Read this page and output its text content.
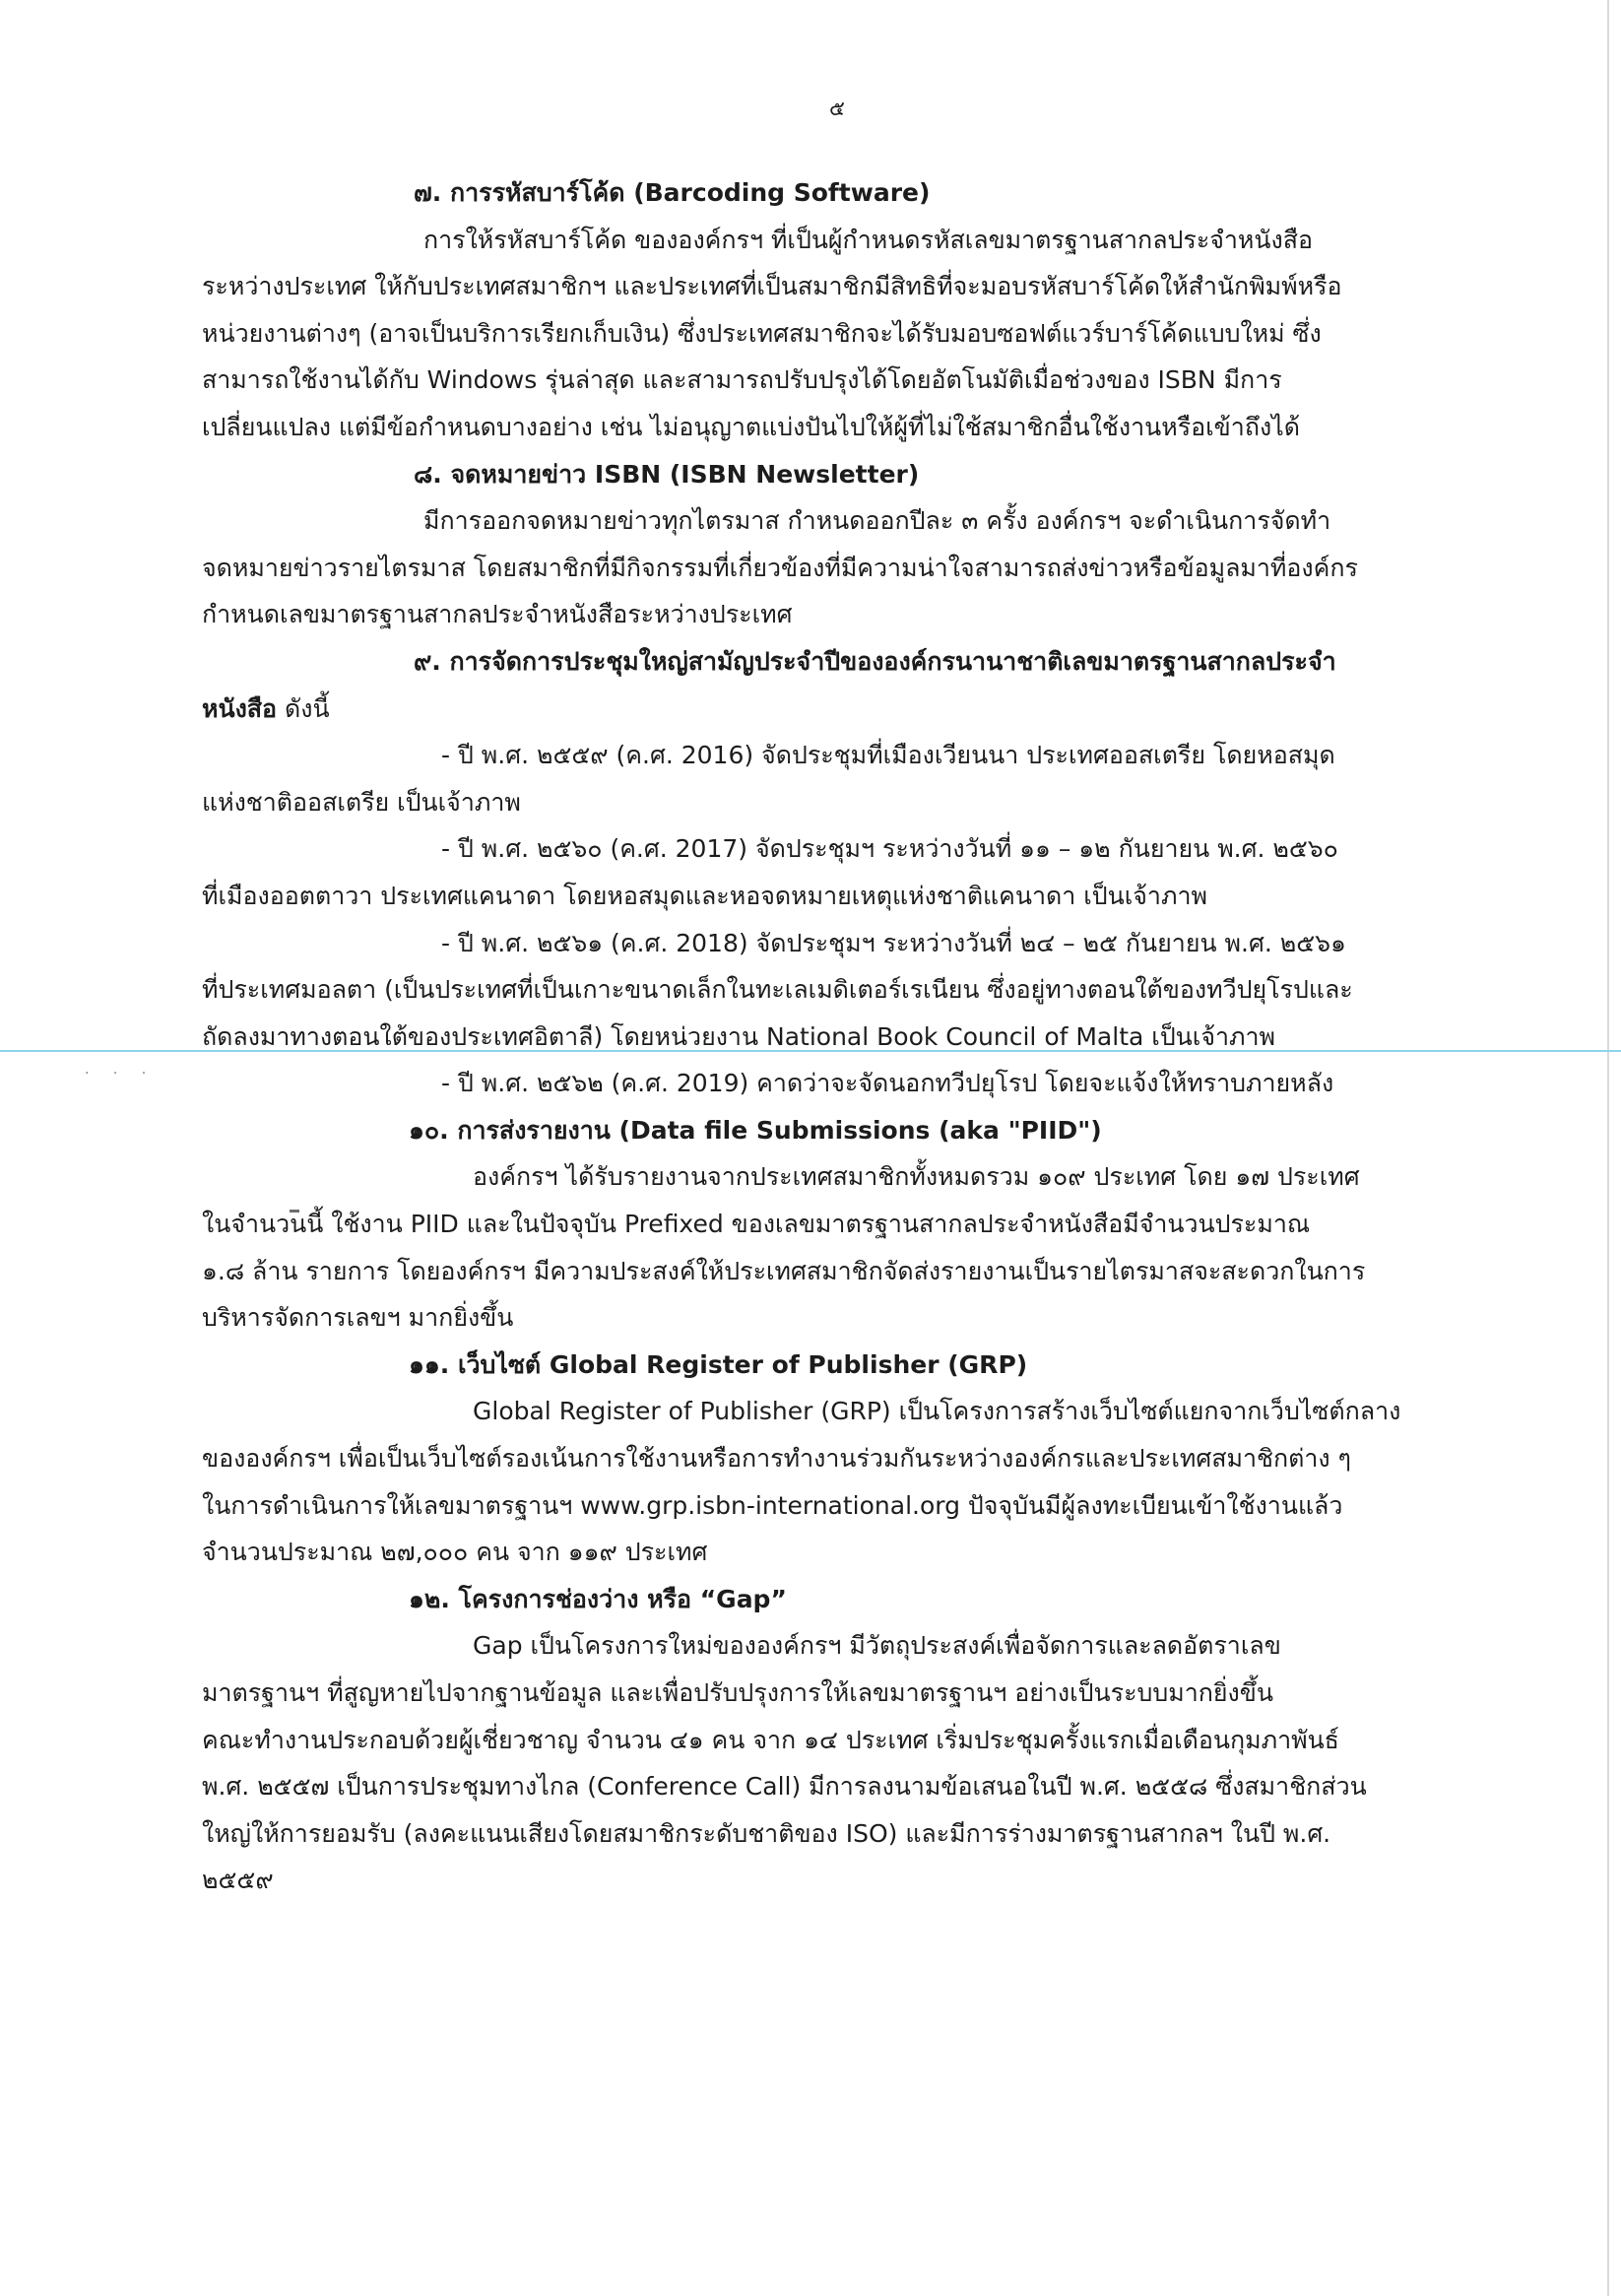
· · ·
๕
๗. การรหัสบาร์โค้ด (Barcoding Software)
การให้รหัสบาร์โค้ด ขององค์กรฯ ที่เป็นผู้กำหนดรหัสเลขมาตรฐานสากลประจำหนังสือ
ระหว่างประเทศ ให้กับประเทศสมาชิกฯ และประเทศที่เป็นสมาชิกมีสิทธิที่จะมอบรหัสบาร์โค้ดให้สำนักพิมพ์หรือ
หน่วยงานต่างๆ (อาจเป็นบริการเรียกเก็บเงิน) ซึ่งประเทศสมาชิกจะได้รับมอบซอฟต์แวร์บาร์โค้ดแบบใหม่ ซึ่ง
สามารถใช้งานได้กับ Windows รุ่นล่าสุด และสามารถปรับปรุงได้โดยอัตโนมัติเมื่อช่วงของ ISBN มีการ
เปลี่ยนแปลง แต่มีข้อกำหนดบางอย่าง เช่น ไม่อนุญาตแบ่งปันไปให้ผู้ที่ไม่ใช้สมาชิกอื่นใช้งานหรือเข้าถึงได้
๘. จดหมายข่าว ISBN (ISBN Newsletter)
มีการออกจดหมายข่าวทุกไตรมาส กำหนดออกปีละ ๓ ครั้ง องค์กรฯ จะดำเนินการจัดทำ
จดหมายข่าวรายไตรมาส โดยสมาชิกที่มีกิจกรรมที่เกี่ยวข้องที่มีความน่าใจสามารถส่งข่าวหรือข้อมูลมาที่องค์กร
กำหนดเลขมาตรฐานสากลประจำหนังสือระหว่างประเทศ
๙. การจัดการประชุมใหญ่สามัญประจำปีขององค์กรนานาชาติเลขมาตรฐานสากลประจำ
หนังสือ ดังนี้
- ปี พ.ศ. ๒๕๕๙ (ค.ศ. 2016) จัดประชุมที่เมืองเวียนนา ประเทศออสเตรีย โดยหอสมุด
แห่งชาติออสเตรีย เป็นเจ้าภาพ
- ปี พ.ศ. ๒๕๖๐ (ค.ศ. 2017) จัดประชุมฯ ระหว่างวันที่ ๑๑ – ๑๒ กันยายน พ.ศ. ๒๕๖๐
ที่เมืองออตตาวา ประเทศแคนาดา โดยหอสมุดและหอจดหมายเหตุแห่งชาติแคนาดา เป็นเจ้าภาพ
- ปี พ.ศ. ๒๕๖๑ (ค.ศ. 2018) จัดประชุมฯ ระหว่างวันที่ ๒๔ – ๒๕ กันยายน พ.ศ. ๒๕๖๑
ที่ประเทศมอลตา (เป็นประเทศที่เป็นเกาะขนาดเล็กในทะเลเมดิเตอร์เรเนียน ซึ่งอยู่ทางตอนใต้ของทวีปยุโรปและ
ถัดลงมาทางตอนใต้ของประเทศอิตาลี) โดยหน่วยงาน National Book Council of Malta เป็นเจ้าภาพ
- ปี พ.ศ. ๒๕๖๒ (ค.ศ. 2019) คาดว่าจะจัดนอกทวีปยุโรป โดยจะแจ้งให้ทราบภายหลัง
๑๐. การส่งรายงาน (Data file Submissions (aka "PIID")
องค์กรฯ ได้รับรายงานจากประเทศสมาชิกทั้งหมดรวม ๑๐๙ ประเทศ โดย ๑๗ ประเทศ
ในจำนวนนี้ ใช้งาน PIID และในปัจจุบัน Prefixed ของเลขมาตรฐานสากลประจำหนังสือมีจำนวนประมาณ
๑.๘ ล้าน รายการ โดยองค์กรฯ มีความประสงค์ให้ประเทศสมาชิกจัดส่งรายงานเป็นรายไตรมาสจะสะดวกในการ
บริหารจัดการเลขฯ มากยิ่งขึ้น
๑๑. เว็บไซต์ Global Register of Publisher (GRP)
Global Register of Publisher (GRP) เป็นโครงการสร้างเว็บไซต์แยกจากเว็บไซต์กลาง
ขององค์กรฯ เพื่อเป็นเว็บไซต์รองเน้นการใช้งานหรือการทำงานร่วมกันระหว่างองค์กรและประเทศสมาชิกต่าง ๆ
ในการดำเนินการให้เลขมาตรฐานฯ www.grp.isbn-international.org ปัจจุบันมีผู้ลงทะเบียนเข้าใช้งานแล้ว
จำนวนประมาณ ๒๗,๐๐๐ คน จาก ๑๑๙ ประเทศ
๑๒. โครงการช่องว่าง หรือ “Gap”
Gap เป็นโครงการใหม่ขององค์กรฯ มีวัตถุประสงค์เพื่อจัดการและลดอัตราเลข
มาตรฐานฯ ที่สูญหายไปจากฐานข้อมูล และเพื่อปรับปรุงการให้เลขมาตรฐานฯ อย่างเป็นระบบมากยิ่งขึ้น
คณะทำงานประกอบด้วยผู้เชี่ยวชาญ จำนวน ๔๑ คน จาก ๑๔ ประเทศ เริ่มประชุมครั้งแรกเมื่อเดือนกุมภาพันธ์
พ.ศ. ๒๕๕๗ เป็นการประชุมทางไกล (Conference Call) มีการลงนามข้อเสนอในปี พ.ศ. ๒๕๕๘ ซึ่งสมาชิกส่วน
ใหญ่ให้การยอมรับ (ลงคะแนนเสียงโดยสมาชิกระดับชาติของ ISO) และมีการร่างมาตรฐานสากลฯ ในปี พ.ศ.
๒๕๕๙
